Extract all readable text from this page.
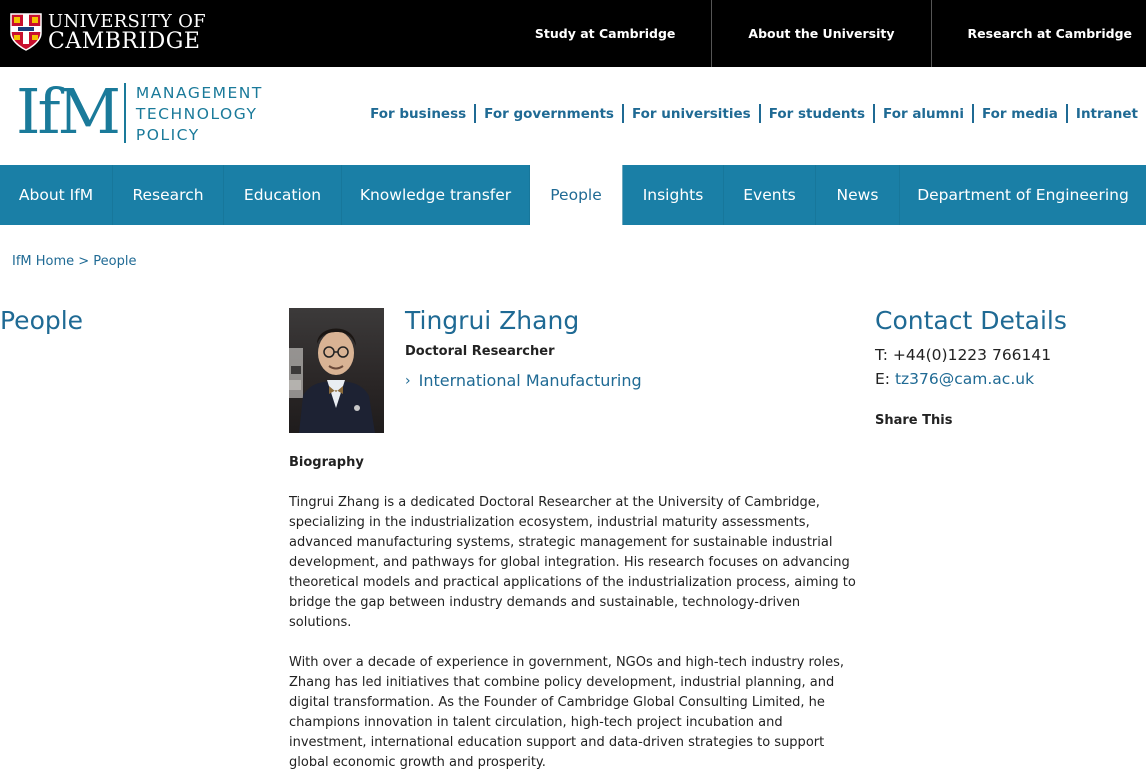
UNIVERSITY OF
CAMBRIDGE	Study at Cambridge	About the University	Research at Cambridge
IfM MANAGEMENT
TECHNOLOGY
POLICY
For business For governments For universities For students For alumni For media Intranet
About IfM	Research	Education	Knowledge transfer	People	Insights	Events	News	Department of Engineering
IfM Home > People
People	Tingrui Zhang
Doctoral Researcher
› International Manufacturing
Biography

Tingrui Zhang is a dedicated Doctoral Researcher at the University of Cambridge, specializing in the industrialization ecosystem, industrial maturity assessments, advanced manufacturing systems, strategic management for sustainable industrial development, and pathways for global integration. His research focuses on advancing theoretical models and practical applications of the industrialization process, aiming to bridge the gap between industry demands and sustainable, technology-driven solutions.

With over a decade of experience in government, NGOs and high-tech industry roles, Zhang has led initiatives that combine policy development, industrial planning, and digital transformation. As the Founder of Cambridge Global Consulting Limited, he champions innovation in talent circulation, high-tech project incubation and investment, international education support and data-driven strategies to support global economic growth and prosperity.

Contact Details
T: +44(0)1223 766141
E: tz376@cam.ac.uk
Share This
